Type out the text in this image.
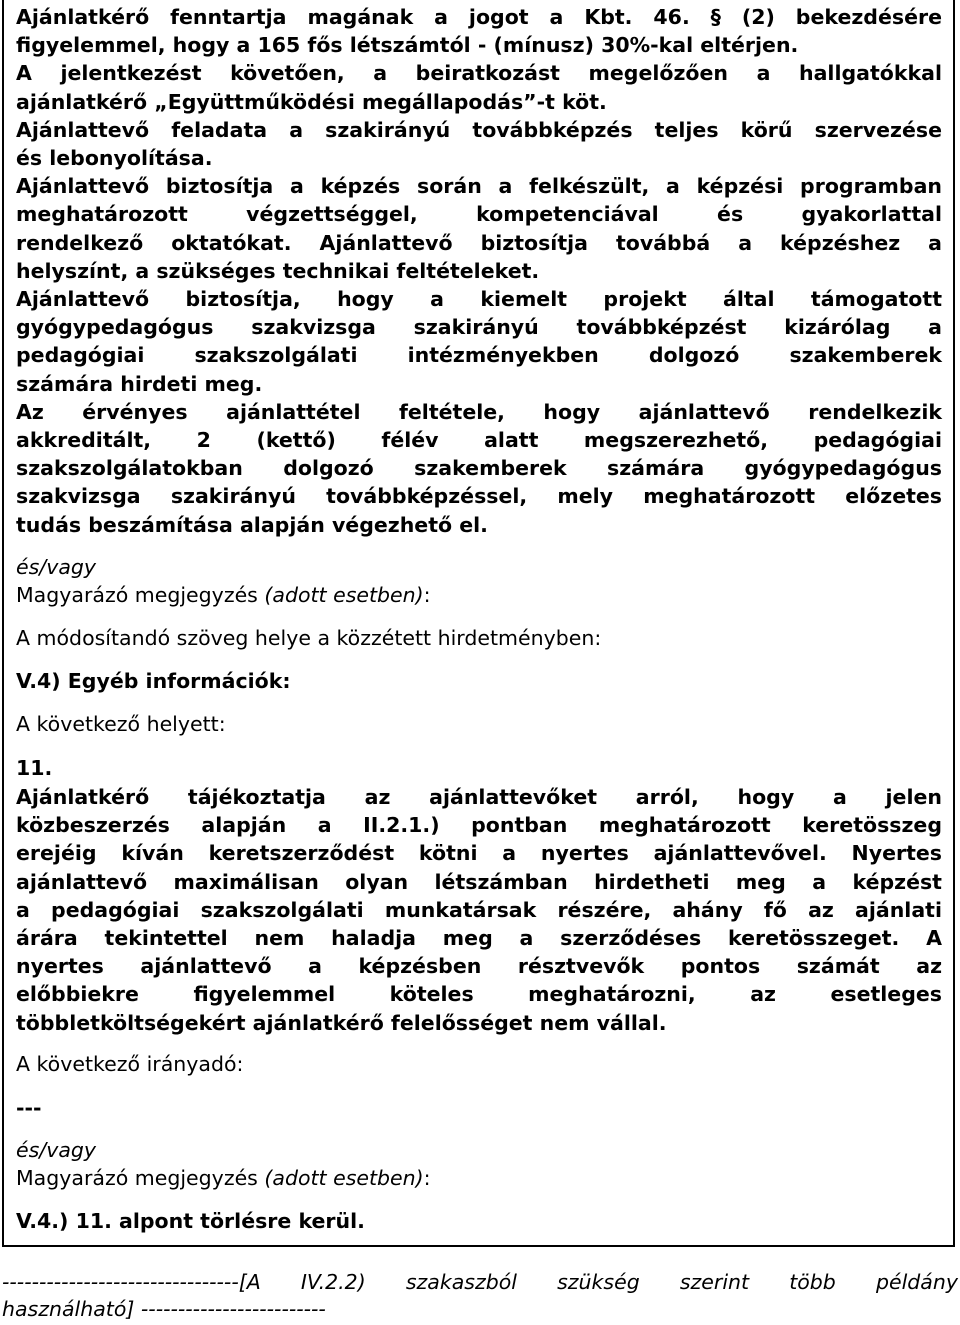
Ajánlatkérő fenntartja magának a jogot a Kbt. 46. § (2) bekezdésére
figyelemmel, hogy a 165 fős létszámtól - (mínusz) 30%-kal eltérjen.
A jelentkezést követően, a beiratkozást megelőzően a hallgatókkal
ajánlatkérő „Együttműködési megállapodás”-t köt.
Ajánlattevő feladata a szakirányú továbbképzés teljes körű szervezése
és lebonyolítása.
Ajánlattevő biztosítja a képzés során a felkészült, a képzési programban
meghatározott végzettséggel, kompetenciával és gyakorlattal
rendelkező oktatókat. Ajánlattevő biztosítja továbbá a képzéshez a
helyszínt, a szükséges technikai feltételeket.
Ajánlattevő biztosítja, hogy a kiemelt projekt által támogatott
gyógypedagógus szakvizsga szakirányú továbbképzést kizárólag a
pedagógiai szakszolgálati intézményekben dolgozó szakemberek
számára hirdeti meg.
Az érvényes ajánlattétel feltétele, hogy ajánlattevő rendelkezik
akkreditált, 2 (kettő) félév alatt megszerezhető, pedagógiai
szakszolgálatokban dolgozó szakemberek számára gyógypedagógus
szakvizsga szakirányú továbbképzéssel, mely meghatározott előzetes
tudás beszámítása alapján végezhető el.

és/vagy

Magyarázó megjegyzés (adott esetben):

A módosítandó szöveg helye a közzétett hirdetményben:

V.4) Egyéb információk:

A következő helyett:

11.

Ajánlatkérő tájékoztatja az ajánlattevőket arról, hogy a jelen
közbeszerzés alapján a II.2.1.) pontban meghatározott keretösszeg
erejéig kíván keretszerződést kötni a nyertes ajánlattevővel. Nyertes
ajánlattevő maximálisan olyan létszámban hirdetheti meg a képzést
a pedagógiai szakszolgálati munkatársak részére, ahány fő az ajánlati
árára tekintettel nem haladja meg a szerződéses keretösszeget. A
nyertes ajánlattevő a képzésben résztvevők pontos számát az
előbbiekre figyelemmel köteles meghatározni, az esetleges
többletköltségekért ajánlatkérő felelősséget nem vállal.

A következő irányadó:

---

és/vagy

Magyarázó megjegyzés (adott esetben):

V.4.) 11. alpont törlésre kerül.

--------------------------------[A IV.2.2) szakaszból szükség szerint több példány

használható] -------------------------
